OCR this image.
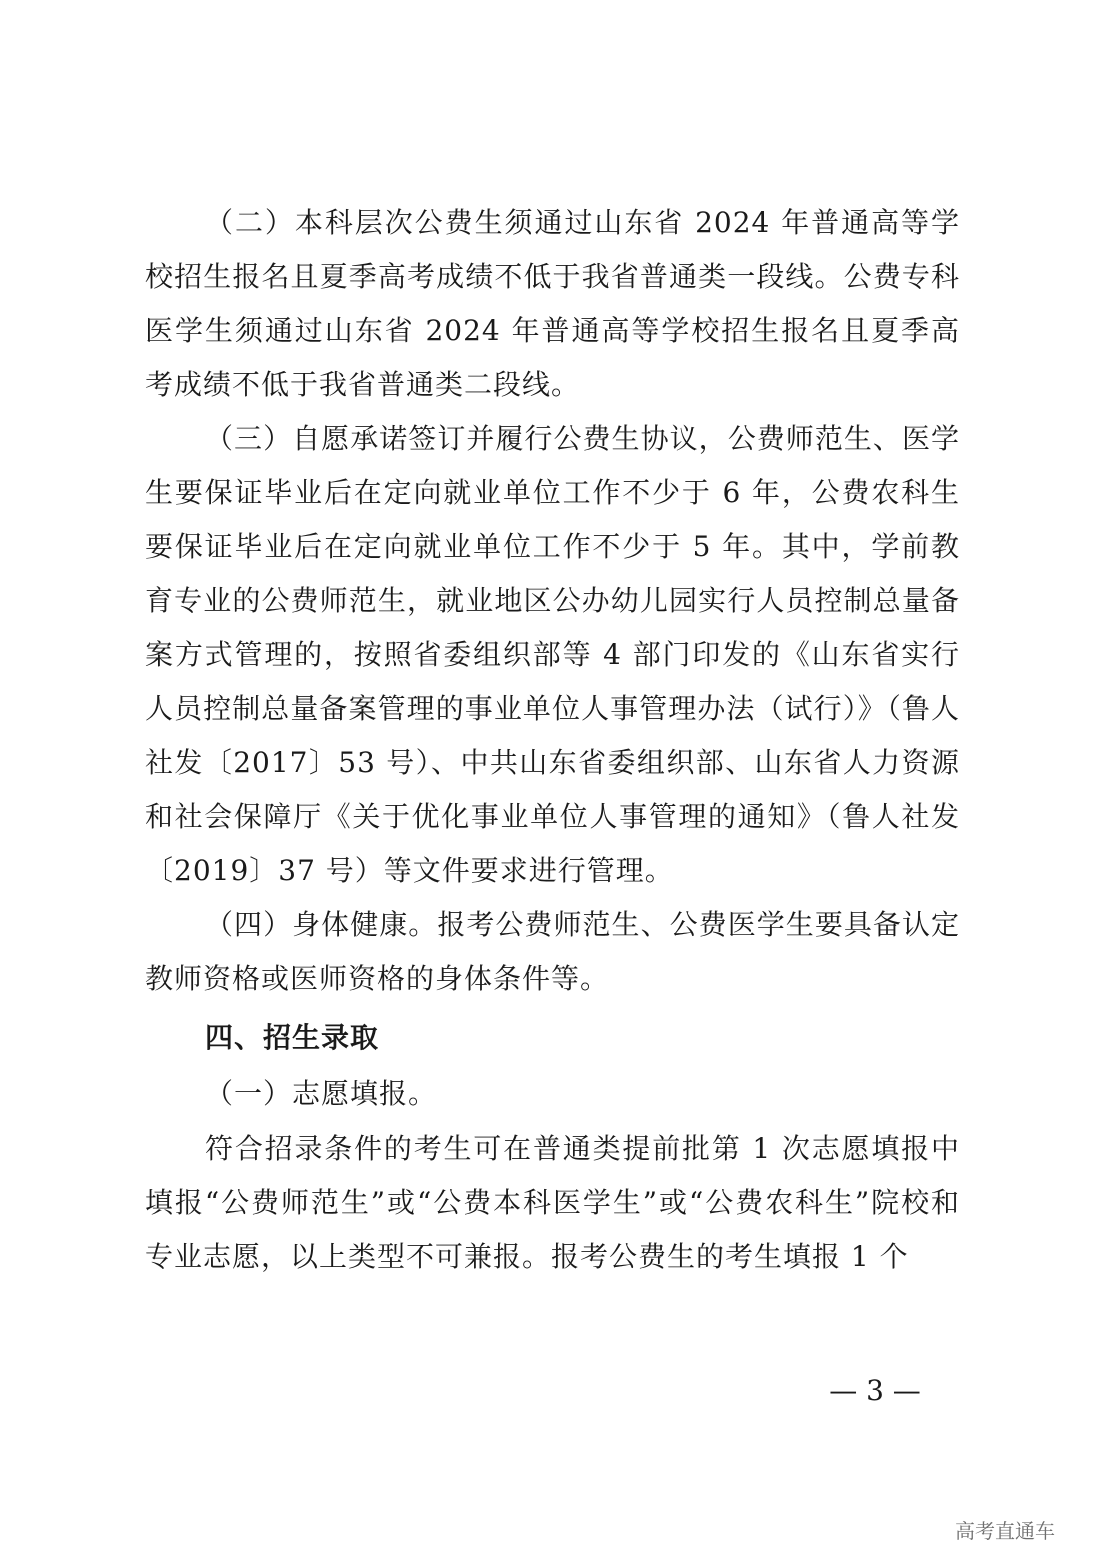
（二）本科层次公费生须通过山东省 2024 年普通高等学校招生报名且夏季高考成绩不低于我省普通类一段线。公费专科医学生须通过山东省 2024 年普通高等学校招生报名且夏季高考成绩不低于我省普通类二段线。

（三）自愿承诺签订并履行公费生协议，公费师范生、医学生要保证毕业后在定向就业单位工作不少于 6 年，公费农科生要保证毕业后在定向就业单位工作不少于 5 年。其中，学前教育专业的公费师范生，就业地区公办幼儿园实行人员控制总量备案方式管理的，按照省委组织部等 4 部门印发的《山东省实行人员控制总量备案管理的事业单位人事管理办法（试行）》（鲁人社发〔2017〕53 号）、中共山东省委组织部、山东省人力资源和社会保障厅《关于优化事业单位人事管理的通知》（鲁人社发〔2019〕37 号）等文件要求进行管理。

（四）身体健康。报考公费师范生、公费医学生要具备认定教师资格或医师资格的身体条件等。

四、招生录取

（一）志愿填报。

符合招录条件的考生可在普通类提前批第 1 次志愿填报中填报“公费师范生”或“公费本科医学生”或“公费农科生”院校和专业志愿，以上类型不可兼报。报考公费生的考生填报 1 个

— 3 —
高考直通车
